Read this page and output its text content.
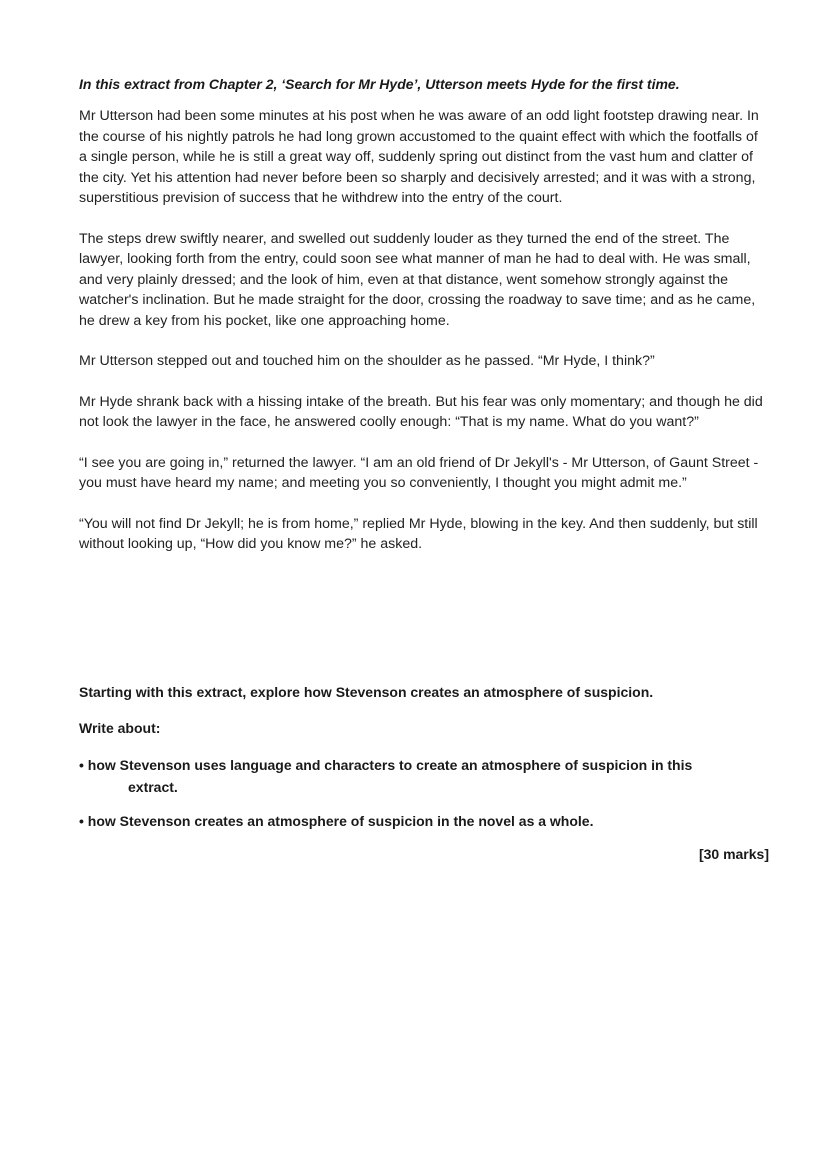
In this extract from Chapter 2, ‘Search for Mr Hyde’, Utterson meets Hyde for the first time.

Mr Utterson had been some minutes at his post when he was aware of an odd light footstep drawing near. In the course of his nightly patrols he had long grown accustomed to the quaint effect with which the footfalls of a single person, while he is still a great way off, suddenly spring out distinct from the vast hum and clatter of the city. Yet his attention had never before been so sharply and decisively arrested; and it was with a strong, superstitious prevision of success that he withdrew into the entry of the court.

The steps drew swiftly nearer, and swelled out suddenly louder as they turned the end of the street. The lawyer, looking forth from the entry, could soon see what manner of man he had to deal with. He was small, and very plainly dressed; and the look of him, even at that distance, went somehow strongly against the watcher's inclination. But he made straight for the door, crossing the roadway to save time; and as he came, he drew a key from his pocket, like one approaching home.

Mr Utterson stepped out and touched him on the shoulder as he passed. “Mr Hyde, I think?”

Mr Hyde shrank back with a hissing intake of the breath. But his fear was only momentary; and though he did not look the lawyer in the face, he answered coolly enough: “That is my name. What do you want?”

“I see you are going in,” returned the lawyer. “I am an old friend of Dr Jekyll's - Mr Utterson, of Gaunt Street - you must have heard my name; and meeting you so conveniently, I thought you might admit me.”

“You will not find Dr Jekyll; he is from home,” replied Mr Hyde, blowing in the key. And then suddenly, but still without looking up, “How did you know me?” he asked.

Starting with this extract, explore how Stevenson creates an atmosphere of suspicion.

Write about:

• how Stevenson uses language and characters to create an atmosphere of suspicion in this
extract.

• how Stevenson creates an atmosphere of suspicion in the novel as a whole.

[30 marks]
